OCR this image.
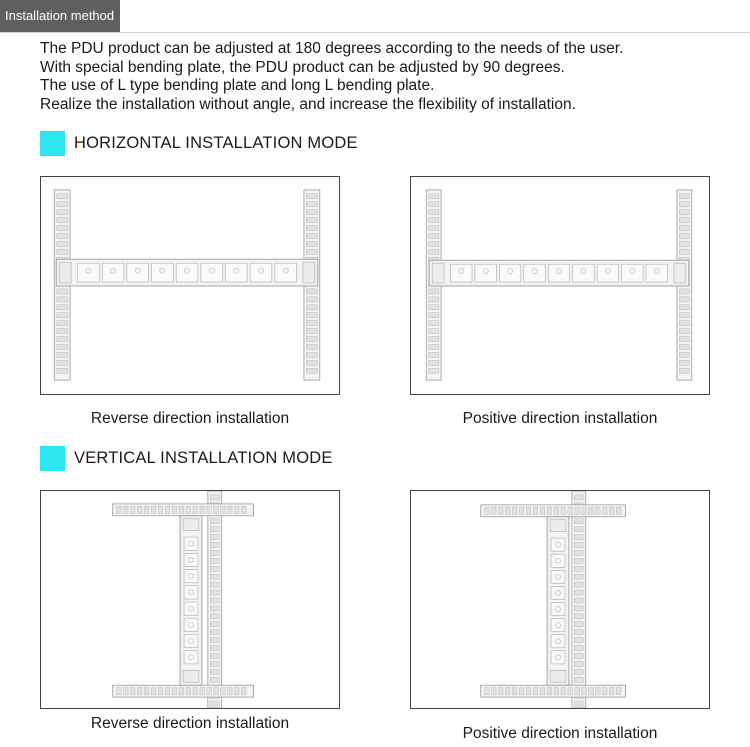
Installation method

The PDU product can be adjusted at 180 degrees according to the needs of the user.

With special bending plate, the PDU product can be adjusted by 90 degrees.

The use of L type bending plate and long L bending plate.

Realize the installation without angle, and increase the flexibility of installation.

HORIZONTAL INSTALLATION MODE
Reverse direction installation	Positive direction installation
VERTICAL INSTALLATION MODE
Reverse direction installation
Positive direction installation
